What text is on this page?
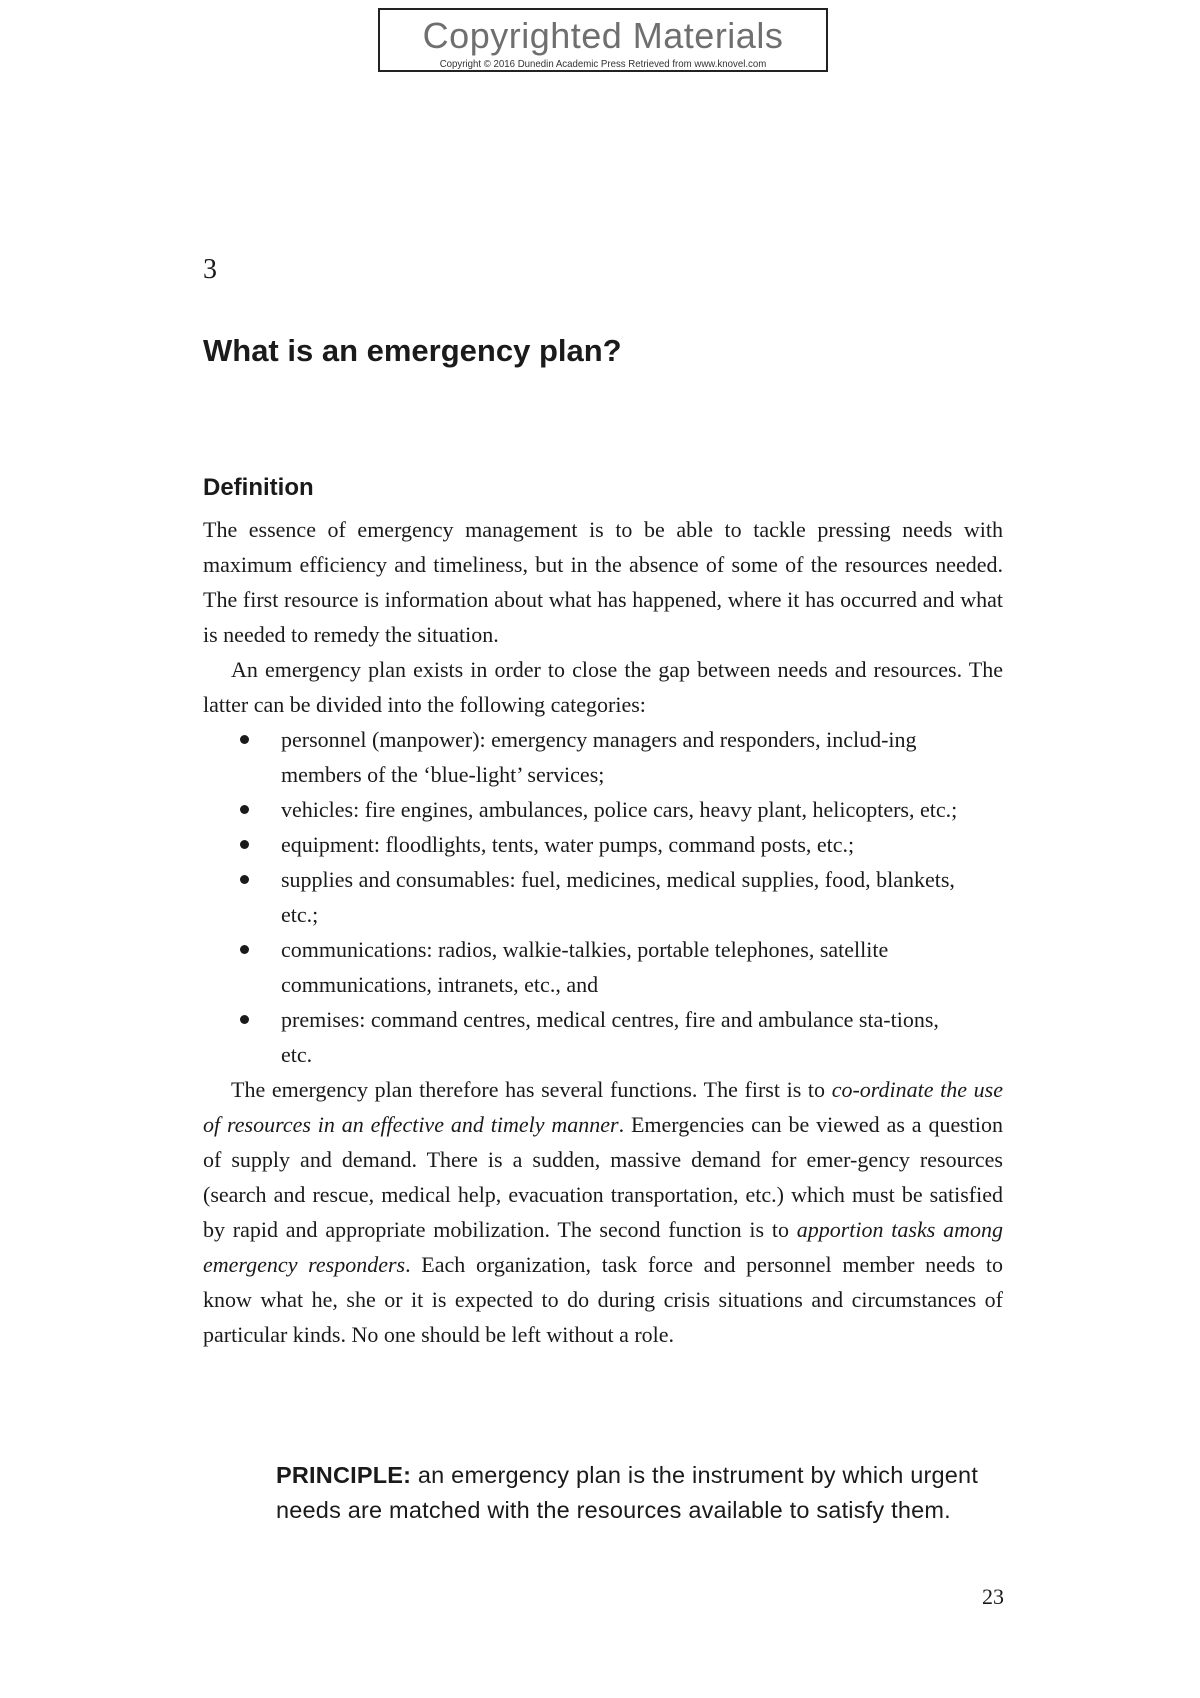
Copyrighted Materials
Copyright © 2016 Dunedin Academic Press Retrieved from www.knovel.com
3
What is an emergency plan?
Definition

The essence of emergency management is to be able to tackle pressing needs with maximum efficiency and timeliness, but in the absence of some of the resources needed. The first resource is information about what has happened, where it has occurred and what is needed to remedy the situation.

An emergency plan exists in order to close the gap between needs and resources. The latter can be divided into the following categories:

personnel (manpower): emergency managers and responders, includ-ing members of the ‘blue-light’ services;
vehicles: fire engines, ambulances, police cars, heavy plant, helicopters, etc.;
equipment: floodlights, tents, water pumps, command posts, etc.;
supplies and consumables: fuel, medicines, medical supplies, food, blankets, etc.;
communications: radios, walkie-talkies, portable telephones, satellite communications, intranets, etc., and
premises: command centres, medical centres, fire and ambulance sta-tions, etc.

The emergency plan therefore has several functions. The first is to co-ordinate the use of resources in an effective and timely manner. Emergencies can be viewed as a question of supply and demand. There is a sudden, massive demand for emer-gency resources (search and rescue, medical help, evacuation transportation, etc.) which must be satisfied by rapid and appropriate mobilization. The second function is to apportion tasks among emergency responders. Each organization, task force and personnel member needs to know what he, she or it is expected to do during crisis situations and circumstances of particular kinds. No one should be left without a role.

PRINCIPLE: an emergency plan is the instrument by which urgent needs are matched with the resources available to satisfy them.
23
